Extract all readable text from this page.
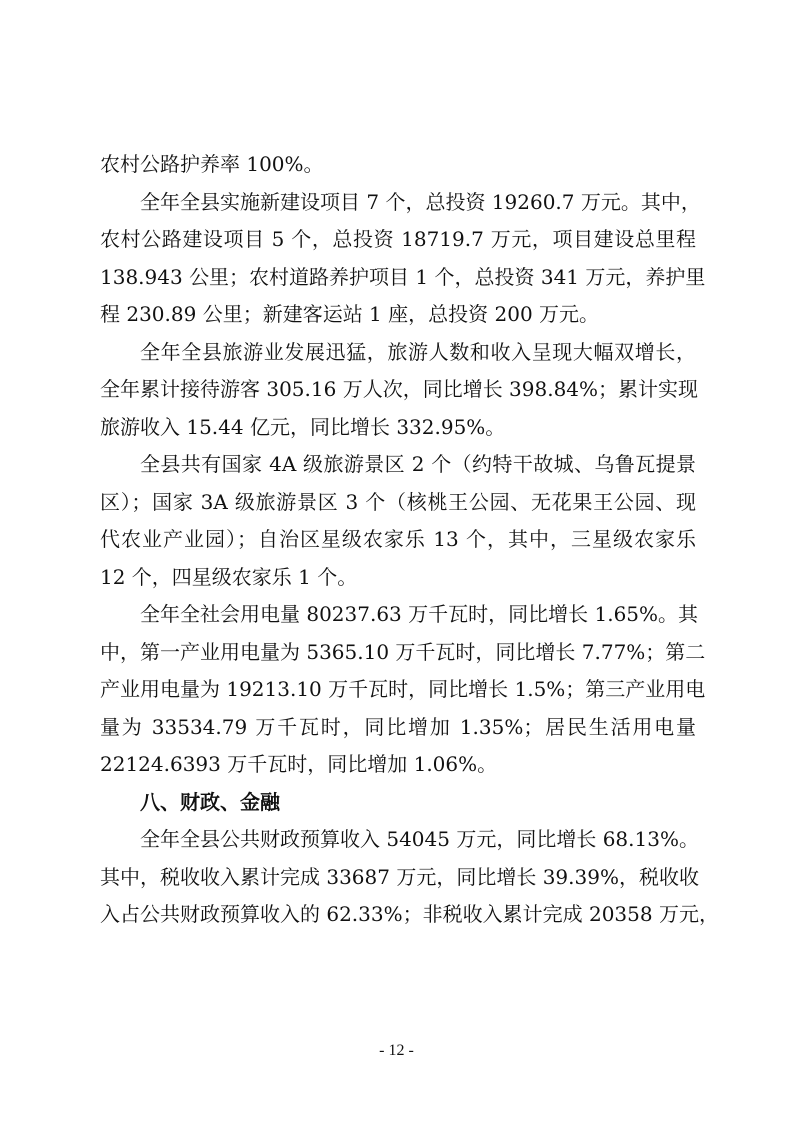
农村公路护养率 100%。
全年全县实施新建设项目 7 个，总投资 19260.7 万元。其中，
农村公路建设项目 5 个，总投资 18719.7 万元，项目建设总里程
138.943 公里；农村道路养护项目 1 个，总投资 341 万元，养护里
程 230.89 公里；新建客运站 1 座，总投资 200 万元。
全年全县旅游业发展迅猛，旅游人数和收入呈现大幅双增长，
全年累计接待游客 305.16 万人次，同比增长 398.84%；累计实现
旅游收入 15.44 亿元，同比增长 332.95%。
全县共有国家 4A 级旅游景区 2 个（约特干故城、乌鲁瓦提景
区）；国家 3A 级旅游景区 3 个（核桃王公园、无花果王公园、现
代农业产业园）；自治区星级农家乐 13 个，其中，三星级农家乐
12 个，四星级农家乐 1 个。
全年全社会用电量 80237.63 万千瓦时，同比增长 1.65%。其
中，第一产业用电量为 5365.10 万千瓦时，同比增长 7.77%；第二
产业用电量为 19213.10 万千瓦时，同比增长 1.5%；第三产业用电
量为 33534.79 万千瓦时，同比增加 1.35%；居民生活用电量
22124.6393 万千瓦时，同比增加 1.06%。
八、财政、金融
全年全县公共财政预算收入 54045 万元，同比增长 68.13%。
其中，税收收入累计完成 33687 万元，同比增长 39.39%，税收收
入占公共财政预算收入的 62.33%；非税收入累计完成 20358 万元，
- 12 -
